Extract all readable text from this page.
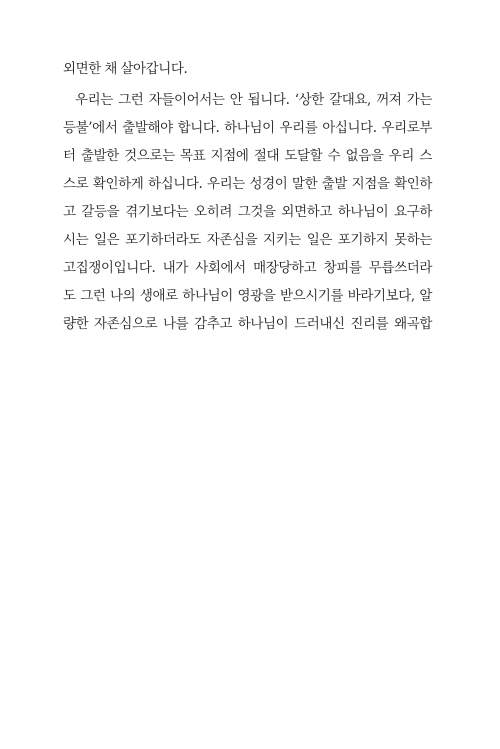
외면한 채 살아갑니다.
우리는 그런 자들이어서는 안 됩니다. ‘상한 갈대요, 꺼져 가는
등불’에서 출발해야 합니다. 하나님이 우리를 아십니다. 우리로부
터 출발한 것으로는 목표 지점에 절대 도달할 수 없음을 우리 스
스로 확인하게 하십니다. 우리는 성경이 말한 출발 지점을 확인하
고 갈등을 겪기보다는 오히려 그것을 외면하고 하나님이 요구하
시는 일은 포기하더라도 자존심을 지키는 일은 포기하지 못하는
고집쟁이입니다. 내가 사회에서 매장당하고 창피를 무릅쓰더라
도 그런 나의 생애로 하나님이 영광을 받으시기를 바라기보다, 알
량한 자존심으로 나를 감추고 하나님이 드러내신 진리를 왜곡합
